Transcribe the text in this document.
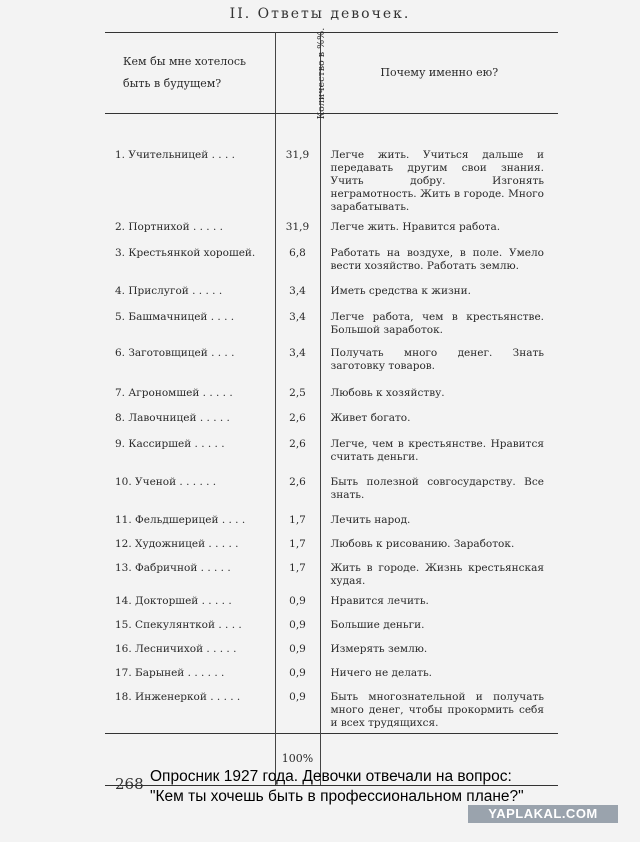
II. Ответы девочек.
Кем бы мне хотелось быть в будущем?	Количество в %%.	Почему именно ею?

1. Учительницей . . . .	31,9	Легче жить. Учиться дальше и передавать другим свои знания. Учить добру. Изгонять неграмотность. Жить в городе. Много зарабатывать.
2. Портнихой . . . . .	31,9	Легче жить. Нравится работа.
3. Крестьянкой хорошей.	6,8	Работать на воздухе, в поле. Умело вести хозяйство. Работать землю.
4. Прислугой . . . . .	3,4	Иметь средства к жизни.
5. Башмачницей . . . .	3,4	Легче работа, чем в крестьянстве. Большой заработок.
6. Заготовщицей . . . .	3,4	Получать много денег. Знать заготовку товаров.
7. Агрономшей . . . . .	2,5	Любовь к хозяйству.
8. Лавочницей . . . . .	2,6	Живет богато.
9. Кассиршей . . . . .	2,6	Легче, чем в крестьянстве. Нравится считать деньги.
10. Ученой . . . . . .	2,6	Быть полезной совгосударству. Все знать.
11. Фельдшерицей . . . .	1,7	Лечить народ.
12. Художницей . . . . .	1,7	Любовь к рисованию. Заработок.
13. Фабричной . . . . .	1,7	Жить в городе. Жизнь крестьянская худая.
14. Докторшей . . . . .	0,9	Нравится лечить.
15. Спекулянткой . . . .	0,9	Большие деньги.
16. Лесничихой . . . . .	0,9	Измерять землю.
17. Барыней . . . . . .	0,9	Ничего не делать.
18. Инженеркой . . . . .	0,9	Быть многознательной и получать много денег, чтобы прокормить себя и всех трудящихся.
	100%	
268 Опросник 1927 года. Девочки отвечали на вопрос:
"Кем ты хочешь быть в профессиональном плане?"
YAPLAKAL.COM
